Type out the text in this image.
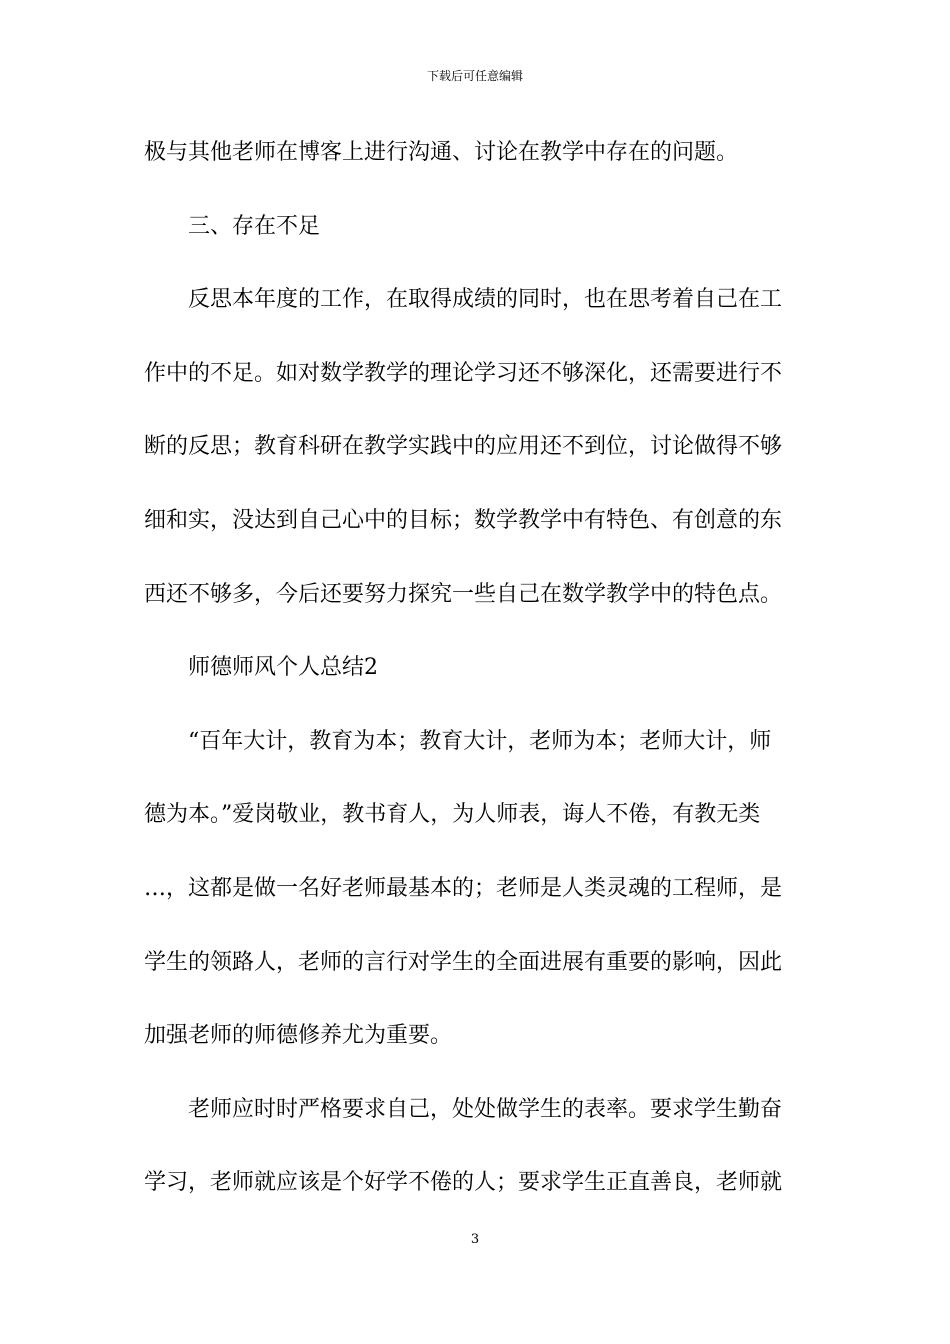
下载后可任意编辑
极与其他老师在博客上进行沟通、讨论在教学中存在的问题。
三、存在不足
反思本年度的工作，在取得成绩的同时，也在思考着自己在工
作中的不足。如对数学教学的理论学习还不够深化，还需要进行不
断的反思；教育科研在教学实践中的应用还不到位，讨论做得不够
细和实，没达到自己心中的目标；数学教学中有特色、有创意的东
西还不够多，今后还要努力探究一些自己在数学教学中的特色点。
师德师风个人总结2
“百年大计，教育为本；教育大计，老师为本；老师大计，师
德为本。”爱岗敬业，教书育人，为人师表，诲人不倦，有教无类
…，这都是做一名好老师最基本的；老师是人类灵魂的工程师，是
学生的领路人，老师的言行对学生的全面进展有重要的影响，因此
加强老师的师德修养尤为重要。
老师应时时严格要求自己，处处做学生的表率。要求学生勤奋
学习，老师就应该是个好学不倦的人；要求学生正直善良，老师就
3
